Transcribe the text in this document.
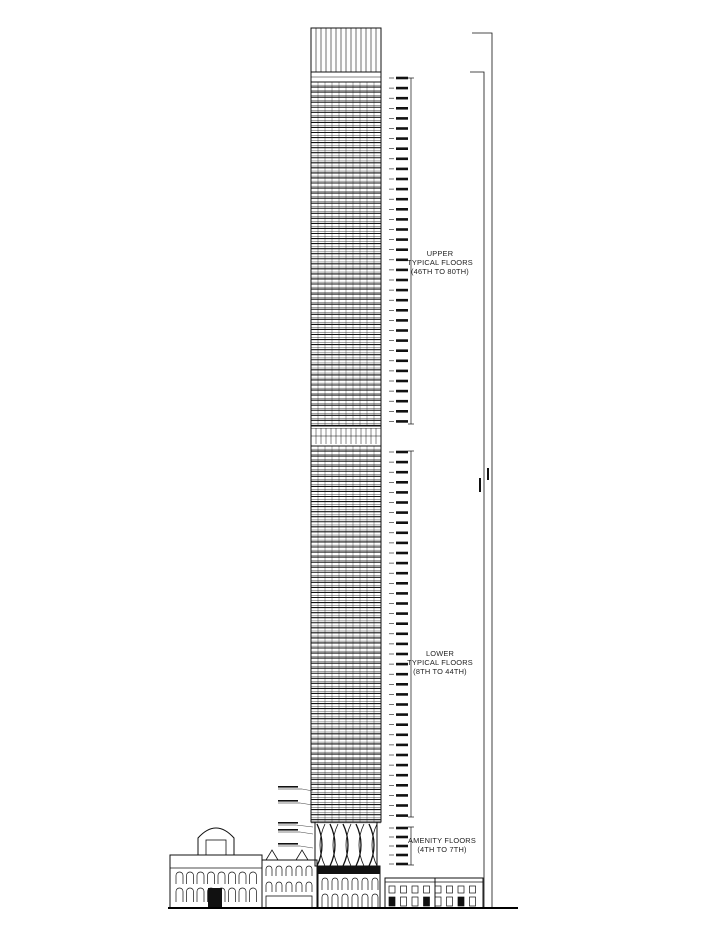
UPPER
TYPICAL FLOORS
(46TH TO 80TH)
LOWER
TYPICAL FLOORS
(8TH TO 44TH)
AMENITY FLOORS
(4TH TO 7TH)
